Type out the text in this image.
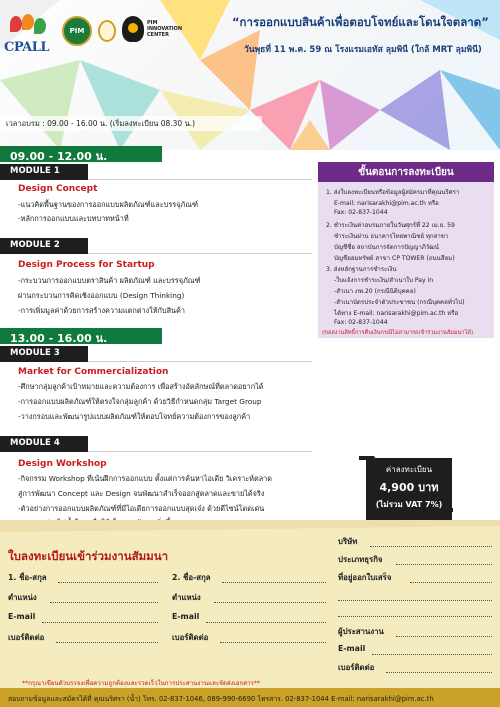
CPALL
PIM
PIM INNOVATION CENTER
“การออกแบบสินค้าเพื่อตอบโจทย์และโดนใจตลาด”
วันพุธที่ 11 พ.ค. 59 ณ โรงแรมเอทัส ลุมพินี (ใกล้ MRT ลุมพินี)
เวลาอบรม : 09.00 - 16.00 น. (เริ่มลงทะเบียน 08.30 น.)
09.00 - 12.00 น.
MODULE 1
Design Concept
-แนวคิดพื้นฐานของการออกแบบผลิตภัณฑ์และบรรจุภัณฑ์
-หลักการออกแบบและบทบาทหน้าที่
MODULE 2
Design Process for Startup
-กระบวนการออกแบบตราสินค้า ผลิตภัณฑ์ และบรรจุภัณฑ์
ผ่านกระบวนการคิดเชิงออกแบบ (Design Thinking)
-การเพิ่มมูลค่าด้วยการสร้างความแตกต่างให้กับสินค้า
13.00 - 16.00 น.
MODULE 3
Market for Commercialization
-ศึกษากลุ่มลูกค้าเป้าหมายและความต้องการ เพื่อสร้างอัตลักษณ์ที่ตลาดอยากได้
-การออกแบบผลิตภัณฑ์ให้ตรงใจกลุ่มลูกค้า ด้วยวิธีกำหนดกลุ่ม Target Group
-วางกรอบและพัฒนารูปแบบผลิตภัณฑ์ให้ตอบโจทย์ความต้องการของลูกค้า
MODULE 4
Design Workshop
-กิจกรรม Workshop ที่เน้นฝึกการออกแบบ ตั้งแต่การค้นหาไอเดีย วิเคราะห์ตลาด
สู่การพัฒนา Concept และ Design จนพัฒนาสำเร็จออกสู่ตลาดและขายได้จริง
-ตัวอย่างการออกแบบผลิตภัณฑ์ที่มีไอเดียการออกแบบสุดเจ๋ง ด้วยดีไซน์โดดเด่น
ขั้นตอนการลงทะเบียน
1. ส่งใบลงทะเบียนหรือข้อมูลผู้สมัครมาที่คุณนริศรา
E-mail: narisarakhi@pim.ac.th หรือ
Fax: 02-837-1044
2. ชำระเงินค่าอบรมภายในวันศุกร์ที่ 22 เม.ย. 59
ชำระเงินผ่าน ธนาคารไทยพาณิชย์ ทุกสาขา
บัญชีชื่อ สถาบันการจัดการปัญญาภิวัฒน์
บัญชีออมทรัพย์ สาขา CP TOWER (ถนนสีลม)
3. ส่งหลักฐานการชำระเงิน
-ใบแจ้งการชำระเงิน/สำเนาใบ Pay in
-สำเนา ภพ.20 (กรณีนิติบุคคล)
-สำเนาบัตรประจำตัวประชาชน (กรณีบุคคลทั่วไป)
ได้ทาง E-mail: narisarakhi@pim.ac.th หรือ
Fax: 02-837-1044
(ขอสงวนสิทธิ์การคืนเงินกรณีไม่สามารถเข้าร่วมงานสัมมนาได้)
ค่าลงทะเบียน
4,900 บาท
(ไม่รวม VAT 7%)
ใบลงทะเบียนเข้าร่วมงานสัมมนา
1. ชื่อ-สกุล
ตำแหน่ง
E-mail
เบอร์ติดต่อ
2. ชื่อ-สกุล
ตำแหน่ง
E-mail
เบอร์ติดต่อ
บริษัท
ประเภทธุรกิจ
ที่อยู่ออกใบเสร็จ
ผู้ประสานงาน
E-mail
เบอร์ติดต่อ
**กรุณาเขียนตัวบรรจงเพื่อความถูกต้องและรวดเร็วในการประสานงานและจัดส่งเอกสาร**
สอบถามข้อมูลและสมัครได้ที่ คุณนริศรา (น้ำ) โทร. 02-837-1046, 089-990-6690 โทรสาร. 02-837-1044 E-mail: narisarakhi@pim.ac.th
